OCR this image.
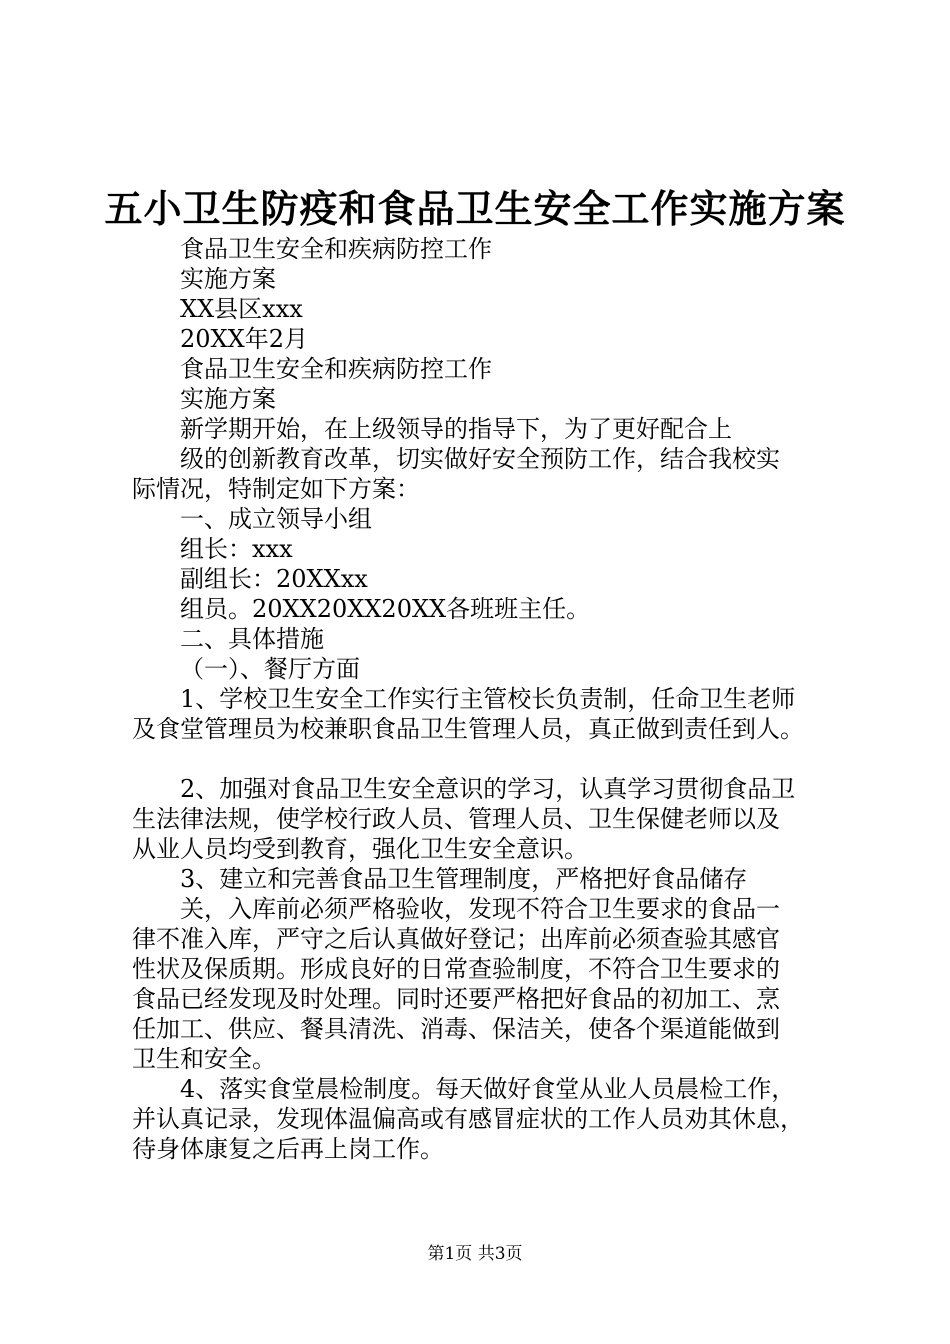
五小卫生防疫和食品卫生安全工作实施方案
食品卫生安全和疾病防控工作
实施方案
XX县区xxx
20XX年2月
食品卫生安全和疾病防控工作
实施方案
新学期开始，在上级领导的指导下，为了更好配合上
级的创新教育改革，切实做好安全预防工作，结合我校实
际情况，特制定如下方案：
一、成立领导小组
组长：xxx
副组长：20XXxx
组员。20XX20XX20XX各班班主任。
二、具体措施
（一）、餐厅方面
1、学校卫生安全工作实行主管校长负责制，任命卫生老师
及食堂管理员为校兼职食品卫生管理人员，真正做到责任到人。
2、加强对食品卫生安全意识的学习，认真学习贯彻食品卫
生法律法规，使学校行政人员、管理人员、卫生保健老师以及
从业人员均受到教育，强化卫生安全意识。
3、建立和完善食品卫生管理制度，严格把好食品储存
关，入库前必须严格验收，发现不符合卫生要求的食品一
律不准入库，严守之后认真做好登记；出库前必须查验其感官
性状及保质期。形成良好的日常查验制度，不符合卫生要求的
食品已经发现及时处理。同时还要严格把好食品的初加工、烹
任加工、供应、餐具清洗、消毒、保洁关，使各个渠道能做到
卫生和安全。
4、落实食堂晨检制度。每天做好食堂从业人员晨检工作，
并认真记录，发现体温偏高或有感冒症状的工作人员劝其休息，
待身体康复之后再上岗工作。
第1页 共3页
